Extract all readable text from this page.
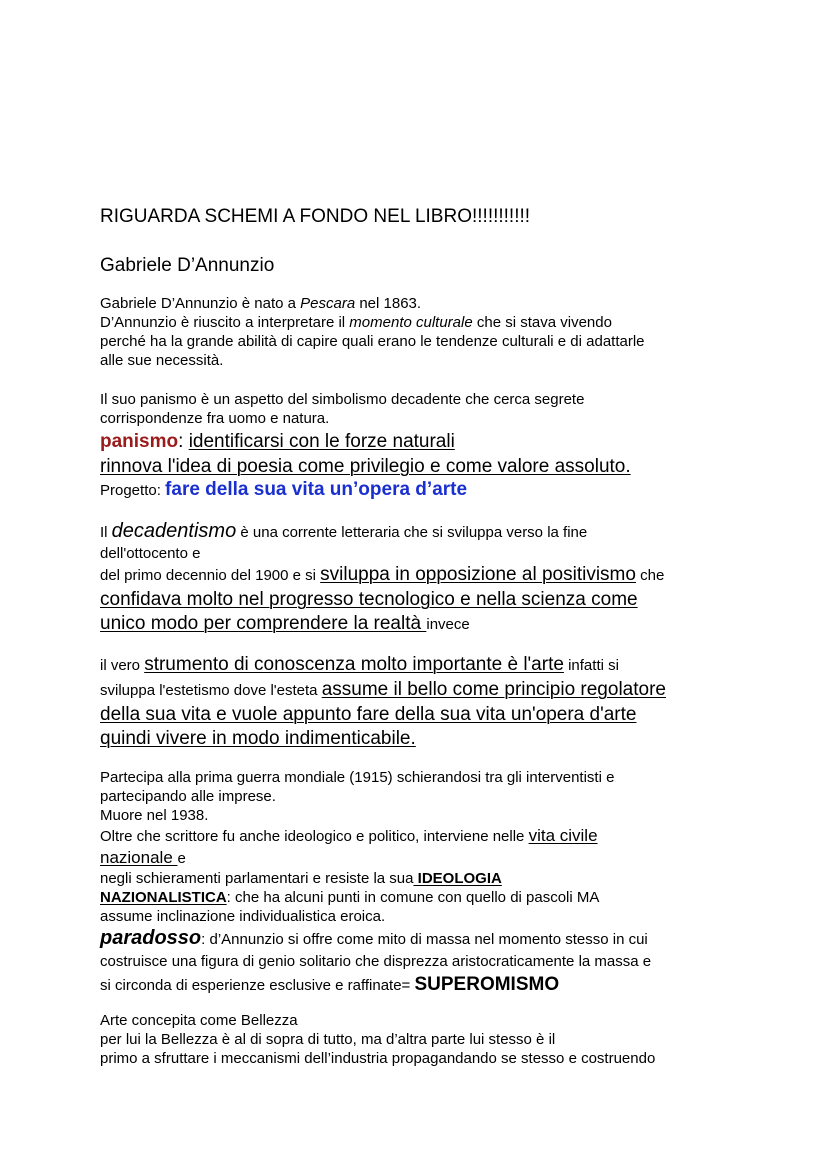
RIGUARDA SCHEMI A FONDO NEL LIBRO!!!!!!!!!!!
Gabriele D’Annunzio
Gabriele D’Annunzio è nato a Pescara nel 1863.
D’Annunzio è riuscito a interpretare il momento culturale che si stava vivendo
perché ha la grande abilità di capire quali erano le tendenze culturali e di adattarle
alle sue necessità.
Il suo panismo è un aspetto del simbolismo decadente che cerca segrete
corrispondenze fra uomo e natura.
panismo: identificarsi con le forze naturali
rinnova l'idea di poesia come privilegio e come valore assoluto.
Progetto: fare della sua vita un’opera d’arte
Il decadentismo è una corrente letteraria che si sviluppa verso la fine
dell'ottocento e
del primo decennio del 1900 e si sviluppa in opposizione al positivismo che
confidava molto nel progresso tecnologico e nella scienza come
unico modo per comprendere la realtà invece
il vero strumento di conoscenza molto importante è l'arte infatti si
sviluppa l'estetismo dove l'esteta assume il bello come principio regolatore
della sua vita e vuole appunto fare della sua vita un'opera d'arte
quindi vivere in modo indimenticabile.
Partecipa alla prima guerra mondiale (1915) schierandosi tra gli interventisti e
partecipando alle imprese.
Muore nel 1938.
Oltre che scrittore fu anche ideologico e politico, interviene nelle vita civile
nazionale e
negli schieramenti parlamentari e resiste la sua IDEOLOGIA
NAZIONALISTICA: che ha alcuni punti in comune con quello di pascoli MA
assume inclinazione individualistica eroica.
paradosso: d’Annunzio si offre come mito di massa nel momento stesso in cui
costruisce una figura di genio solitario che disprezza aristocraticamente la massa e
si circonda di esperienze esclusive e raffinate= SUPEROMISMO
Arte concepita come Bellezza
per lui la Bellezza è al di sopra di tutto, ma d’altra parte lui stesso è il
primo a sfruttare i meccanismi dell’industria propagandando se stesso e costruendo
